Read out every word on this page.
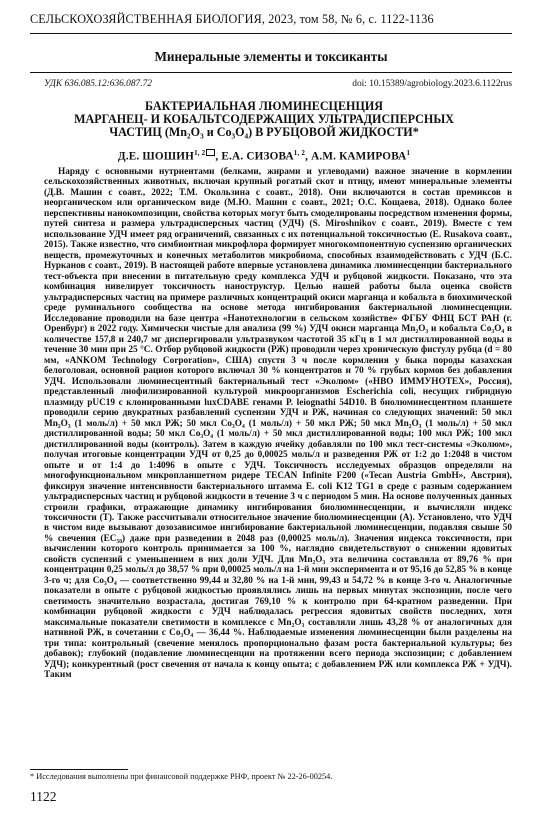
СЕЛЬСКОХОЗЯЙСТВЕННАЯ БИОЛОГИЯ, 2023, том 58, № 6, с. 1122-1136
Минеральные элементы и токсиканты
УДК 636.085.12:636.087.72	doi: 10.15389/agrobiology.2023.6.1122rus
БАКТЕРИАЛЬНАЯ ЛЮМИНЕСЦЕНЦИЯ
МАРГАНЕЦ- И КОБАЛЬТСОДЕРЖАЩИХ УЛЬТРАДИСПЕРСНЫХ
ЧАСТИЦ (Mn₂O₃ и Co₃O₄) В РУБЦОВОЙ ЖИДКОСТИ*
Д.Е. ШОШИН$^{1, 2}$ , Е.А. СИЗОВА$^{1, 2}$, А.М. КАМИРОВА$^1$

Наряду с основными нутриентами (белками, жирами и углеводами) важное значение в кормлении сельскохозяйственных животных, включая крупный рогатый скот и птицу, имеют минеральные элементы (Д.В. Машин с соавт., 2022; Т.М. Окользина с соавт., 2018). Они включаются в состав премиксов в неорганическом или органическом виде (М.Ю. Машин с соавт., 2021; О.С. Кощаева, 2018). Однако более перспективны нанокомпозиции, свойства которых могут быть смоделированы посредством изменения формы, путей синтеза и размера ультрадисперсных частиц (УДЧ) (S. Miroshnikov с соавт., 2019). Вместе с тем использование УДЧ имеет ряд ограничений, связанных с их потенциальной токсичностью (E. Rusakova соавт., 2015). Также известно, что симбионтная микрофлора формирует многокомпонентную суспензию органических веществ, промежуточных и конечных метаболитов микробиома, способных взаимодействовать с УДЧ (Б.С. Нурканов с соавт., 2019). В настоящей работе впервые установлена динамика люминесценции бактериального тест-объекта при внесении в питательную среду комплекса УДЧ и рубцовой жидкости. Показано, что эта комбинация нивелирует токсичность наноструктур. Целью нашей работы была оценка свойств ультрадисперсных частиц на примере различных концентраций окиси марганца и кобальта в биохимической среде руминального сообщества на основе метода ингибирования бактериальной люминесценции. Исследование проводили на базе центра «Нанотехнологии в сельском хозяйстве» ФГБУ ФНЦ БСТ РАН (г. Оренбург) в 2022 году. Химически чистые для анализа (99 %) УДЧ окиси марганца Mn₂O₃ и кобальта Co₃O₄ в количестве 157,8 и 240,7 мг диспергировали ультразвуком частотой 35 кГц в 1 мл дистиллированной воды в течение 30 мин при 25 °С. Отбор рубцовой жидкости (РЖ) проводили через хроническую фистулу рубца (d = 80 мм, «ANKOM Technology Corporation», США) спустя 3 ч после кормления у быка породы казахская белоголовая, основной рацион которого включал 30 % концентратов и 70 % грубых кормов без добавления УДЧ. Использовали люминесцентный бактериальный тест «Эколюм» («НВО ИММУНОТЕХ», Россия), представленный лиофилизированной культурой микроорганизмов Escherichia coli, несущих гибридную плазмиду pUC19 с клонированными luxCDABE генами P. leiognathi 54D10. В биолюминесцентном планшете проводили серию двукратных разбавлений суспензии УДЧ и РЖ, начиная со следующих значений: 50 мкл Mn₂O₃ (1 моль/л) + 50 мкл РЖ; 50 мкл Co₃O₄ (1 моль/л) + 50 мкл РЖ; 50 мкл Mn₂O₃ (1 моль/л) + 50 мкл дистиллированной воды; 50 мкл Co₃O₄ (1 моль/л) + 50 мкл дистиллированной воды; 100 мкл РЖ; 100 мкл дистиллированной воды (контроль). Затем в каждую ячейку добавляли по 100 мкл тест-системы «Эколюм», получая итоговые концентрации УДЧ от 0,25 до 0,00025 моль/л и разведения РЖ от 1:2 до 1:2048 в чистом опыте и от 1:4 до 1:4096 в опыте с УДЧ. Токсичность исследуемых образцов определяли на многофункциональном микропланшетном ридере TECAN Infinite F200 («Tecan Austria GmbH», Австрия), фиксируя значение интенсивности бактериального штамма E. coli K12 TG1 в среде с разным содержанием ультрадисперсных частиц и рубцовой жидкости в течение 3 ч с периодом 5 мин. На основе полученных данных строили графики, отражающие динамику ингибирования биолюминесценции, и вычисляли индекс токсичности (Т). Также рассчитывали относительное значение биолюминесценции (А). Установлено, что УДЧ в чистом виде вызывают дозозависимое ингибирование бактериальной люминесценции, подавляя свыше 50 % свечения (EC₅₀) даже при разведении в 2048 раз (0,00025 моль/л). Значения индекса токсичности, при вычислении которого контроль принимается за 100 %, наглядно свидетельствуют о снижении ядовитых свойств суспензий с уменьшением в них доли УДЧ. Для Mn₂O₃ эта величина составляла от 89,76 % при концентрации 0,25 моль/л до 38,57 % при 0,00025 моль/л на 1-й мин эксперимента и от 95,16 до 52,85 % в конце 3-го ч; для Co₃O₄ — соответственно 99,44 и 32,80 % на 1-й мин, 99,43 и 54,72 % в конце 3-го ч. Аналогичные показатели в опыте с рубцовой жидкостью проявлялись лишь на первых минутах экспозиции, после чего светимость значительно возрастала, достигая 769,10 % к контролю при 64-кратном разведении. При комбинации рубцовой жидкости с УДЧ наблюдалась регрессия ядовитых свойств последних, хотя максимальные показатели светимости в комплексе с Mn₂O₃ составляли лишь 43,28 % от аналогичных для нативной РЖ, в сочетании с Co₃O₄ — 36,44 %. Наблюдаемые изменения люминесценции были разделены на три типа: контрольный (свечение менялось пропорционально фазам роста бактериальной культуры; без добавок); глубокий (подавление люминесценции на протяжении всего периода экспозиции; с добавлением УДЧ); конкурентный (рост свечения от начала к концу опыта; с добавлением РЖ или комплекса РЖ + УДЧ). Таким

* Исследования выполнены при финансовой поддержке РНФ, проект № 22-26-00254.
1122
